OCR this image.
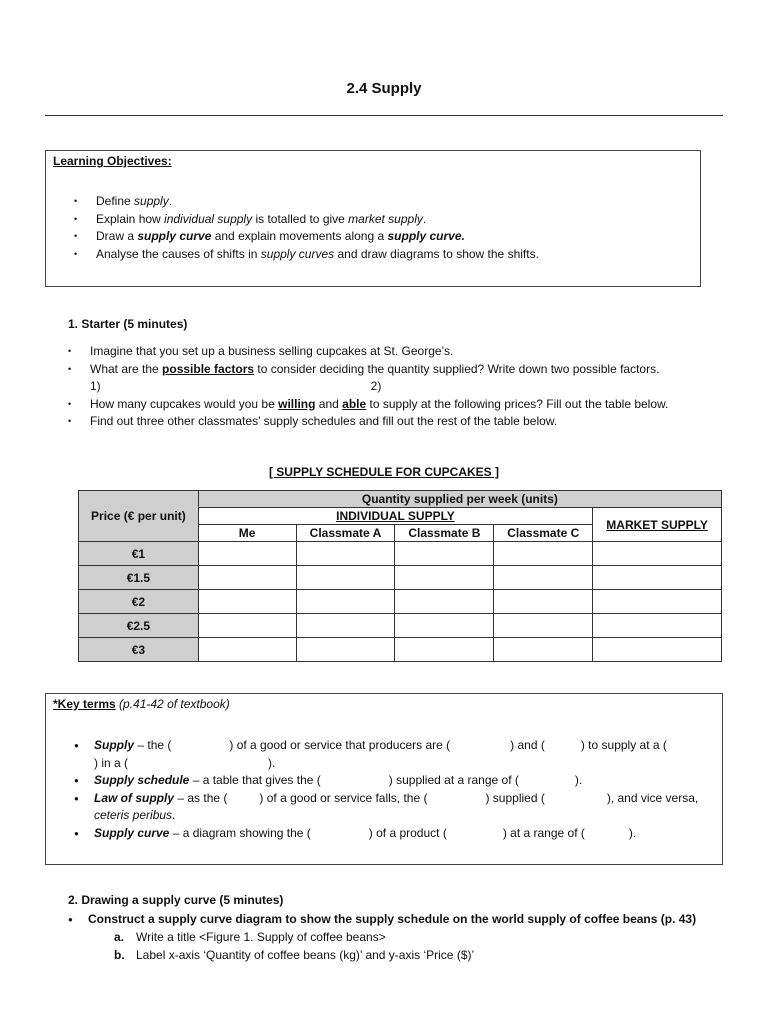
2.4 Supply
Learning Objectives:
• Define supply.
• Explain how individual supply is totalled to give market supply.
• Draw a supply curve and explain movements along a supply curve.
• Analyse the causes of shifts in supply curves and draw diagrams to show the shifts.
1. Starter (5 minutes)
• Imagine that you set up a business selling cupcakes at St. George’s.
• What are the possible factors to consider deciding the quantity supplied? Write down two possible factors.
1)	2)
• How many cupcakes would you be willing and able to supply at the following prices? Fill out the table below.
• Find out three other classmates’ supply schedules and fill out the rest of the table below.
[ SUPPLY SCHEDULE FOR CUPCAKES ]
Price (€ per unit)	Quantity supplied per week (units)				
	INDIVIDUAL SUPPLY				MARKET SUPPLY
	Me	Classmate A	Classmate B	Classmate C	
€1					
€1.5					
€2					
€2.5					
€3					
*Key terms (p.41-42 of textbook)
● Supply – the (	) of a good or service that producers are (	) and (	) to supply at a (
) in a (	).
● Supply schedule – a table that gives the (	) supplied at a range of (	).
● Law of supply – as the (	) of a good or service falls, the (	) supplied (	), and vice versa, ceteris peribus.
● Supply curve – a diagram showing the (	) of a product (	) at a range of (	).
2. Drawing a supply curve (5 minutes)
● Construct a supply curve diagram to show the supply schedule on the world supply of coffee beans (p. 43)
a. Write a title <Figure 1. Supply of coffee beans>
b. Label x-axis ‘Quantity of coffee beans (kg)’ and y-axis ‘Price ($)’
